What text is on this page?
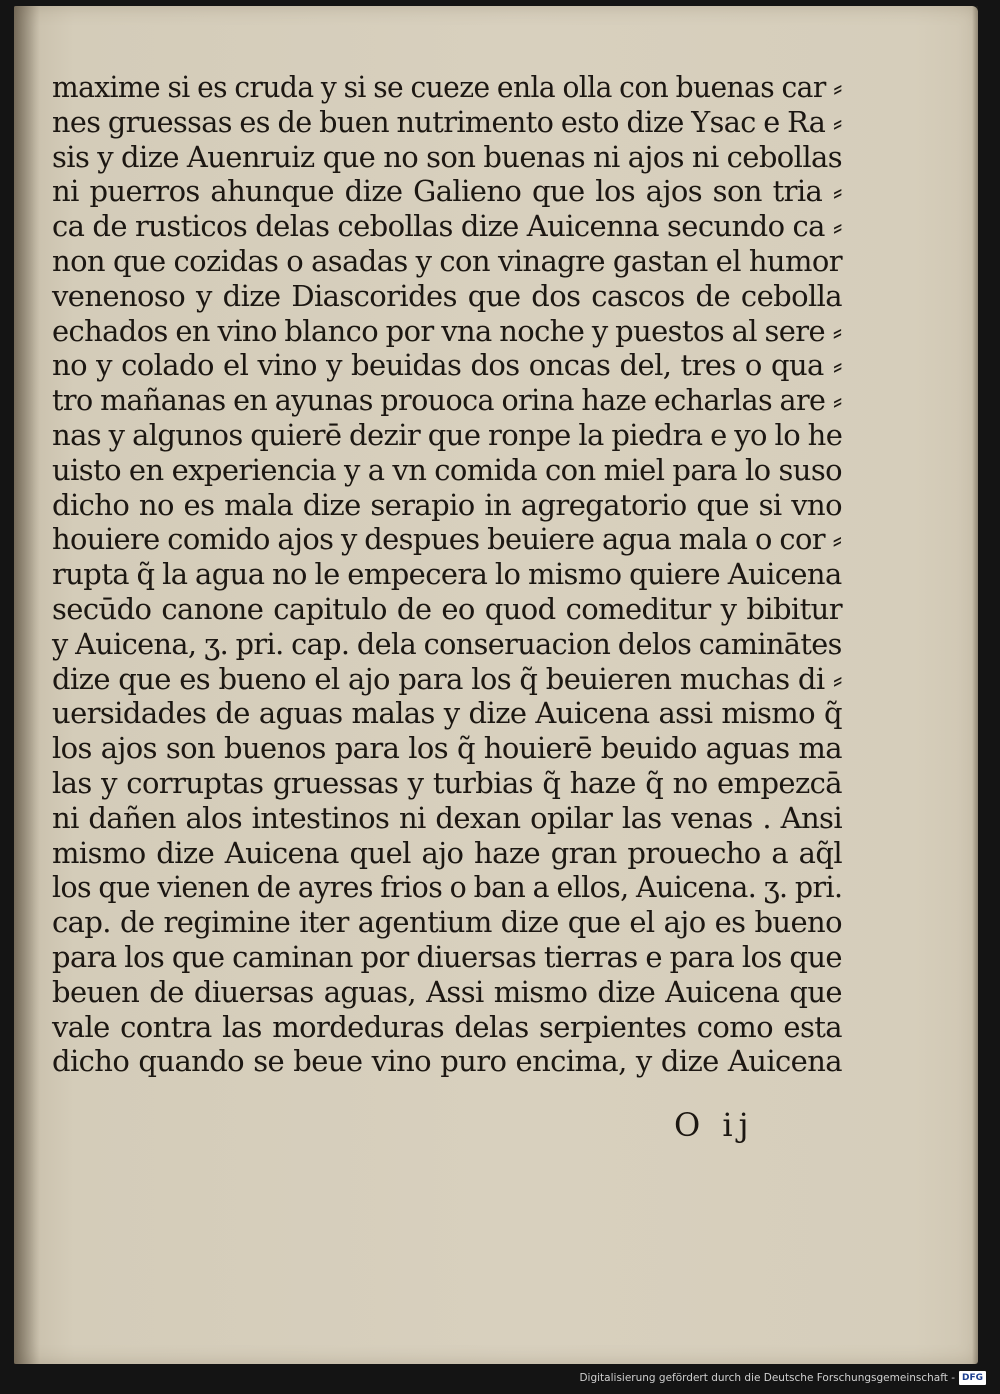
maxime si es cruda y si se cueze enla olla con buenas car ⸗ nes gruessas es de buen nutrimento esto dize Ysac e Ra ⸗
sis y dize Auenruiz que no son buenas ni ajos ni cebollas
ni puerros ahunque dize Galieno que los ajos son tria ⸗
ca de rusticos delas cebollas dize Auicenna secundo ca ⸗
non que cozidas o asadas y con vinagre gastan el humor
venenoso y dize Diascorides que dos cascos de cebolla
echados en vino blanco por vna noche y puestos al sere ⸗
no y colado el vino y beuidas dos oncas del, tres o qua ⸗
tro mañanas en ayunas prouoca orina haze echarlas are ⸗
nas y algunos quierē dezir que ronpe la piedra e yo lo he
uisto en experiencia y a vn comida con miel para lo suso
dicho no es mala dize serapio in agregatorio que si vno
houiere comido ajos y despues beuiere agua mala o cor ⸗ rupta q̃ la agua no le empecera lo mismo quiere Auicena
secūdo canone capitulo de eo quod comeditur y bibitur
y Auicena, ʒ. pri. cap. dela conseruacion delos caminātes
dize que es bueno el ajo para los q̃ beuieren muchas di ⸗
uersidades de aguas malas y dize Auicena assi mismo q̃
los ajos son buenos para los q̃ houierē beuido aguas ma
las y corruptas gruessas y turbias q̃ haze q̃ no empezcā
ni dañen alos intestinos ni dexan opilar las venas . Ansi
mismo dize Auicena quel ajo haze gran prouecho a aq̃l
los que vienen de ayres frios o ban a ellos, Auicena. ʒ. pri.
cap. de regimine iter agentium dize que el ajo es bueno
para los que caminan por diuersas tierras e para los que
beuen de diuersas aguas, Assi mismo dize Auicena que
vale contra las mordeduras delas serpientes como esta
dicho quando se beue vino puro encima, y dize Auicena
O ij
Digitalisierung gefördert durch die Deutsche Forschungsgemeinschaft - DFG
